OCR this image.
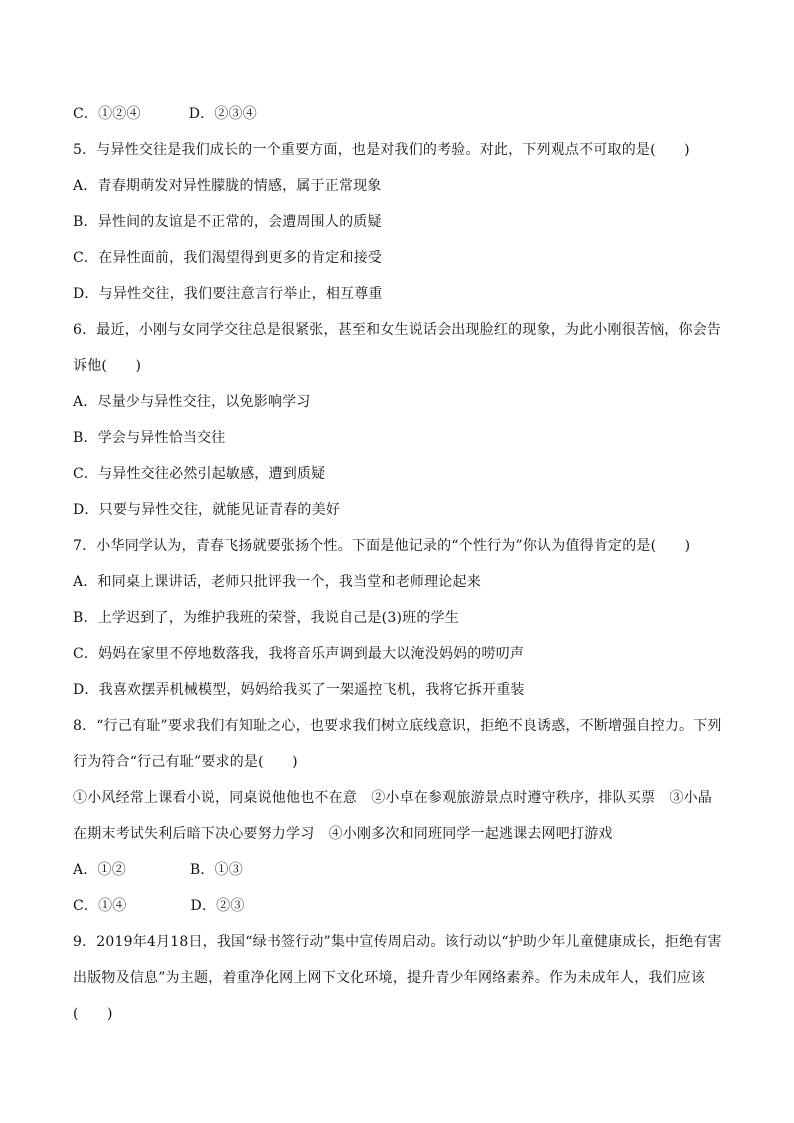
C．①②④	D．②③④
5．与异性交往是我们成长的一个重要方面，也是对我们的考验。对此，下列观点不可取的是(　　)
A．青春期萌发对异性朦胧的情感，属于正常现象
B．异性间的友谊是不正常的，会遭周围人的质疑
C．在异性面前，我们渴望得到更多的肯定和接受
D．与异性交往，我们要注意言行举止，相互尊重
6．最近，小刚与女同学交往总是很紧张，甚至和女生说话会出现脸红的现象，为此小刚很苦恼，你会告
诉他(　　)
A．尽量少与异性交往，以免影响学习
B．学会与异性恰当交往
C．与异性交往必然引起敏感，遭到质疑
D．只要与异性交往，就能见证青春的美好
7．小华同学认为，青春飞扬就要张扬个性。下面是他记录的“个性行为”你认为值得肯定的是(　　)
A．和同桌上课讲话，老师只批评我一个，我当堂和老师理论起来
B．上学迟到了，为维护我班的荣誉，我说自己是(3)班的学生
C．妈妈在家里不停地数落我，我将音乐声调到最大以淹没妈妈的唠叨声
D．我喜欢摆弄机械模型，妈妈给我买了一架遥控飞机，我将它拆开重装
8．“行己有耻”要求我们有知耻之心，也要求我们树立底线意识，拒绝不良诱惑，不断增强自控力。下列
行为符合“行己有耻”要求的是(　　)
①小风经常上课看小说，同桌说他他也不在意　②小卓在参观旅游景点时遵守秩序，排队买票　③小晶
在期末考试失利后暗下决心要努力学习　④小刚多次和同班同学一起逃课去网吧打游戏
A．①②	B．①③
C．①④	D．②③
9．2019年4月18日，我国“绿书签行动”集中宣传周启动。该行动以“护助少年儿童健康成长，拒绝有害
出版物及信息”为主题，着重净化网上网下文化环境，提升青少年网络素养。作为未成年人，我们应该
(　　)
